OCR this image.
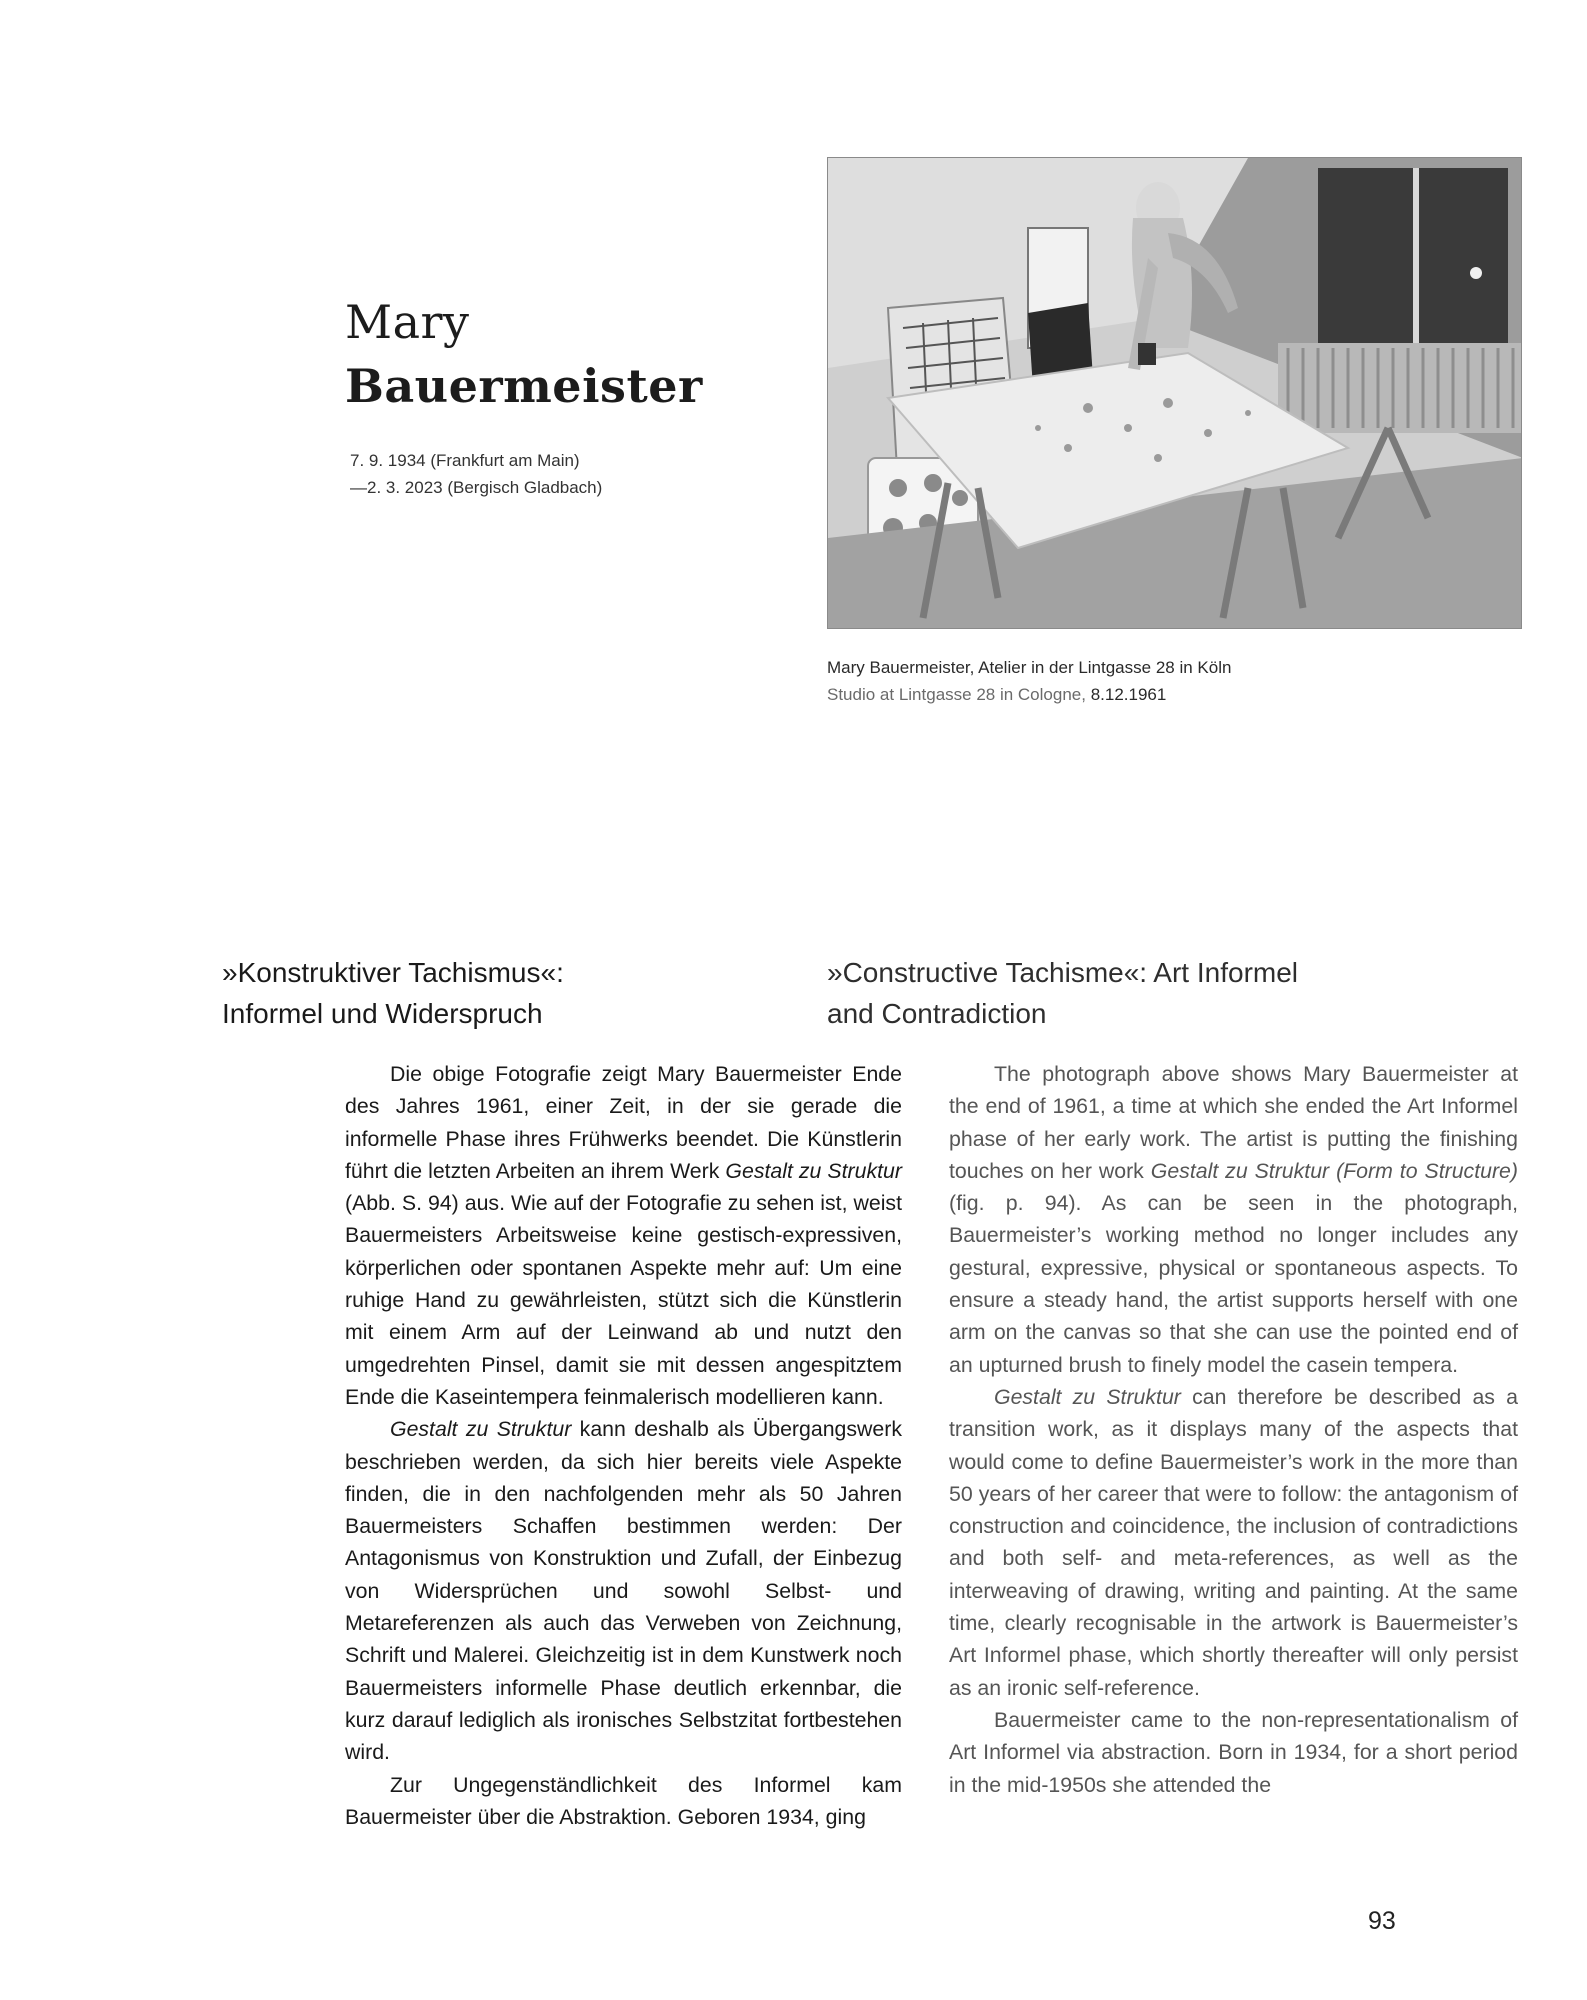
Mary
Bauermeister
7. 9. 1934 (Frankfurt am Main)
—2. 3. 2023 (Bergisch Gladbach)
Mary Bauermeister, Atelier in der Lintgasse 28 in Köln
Studio at Lintgasse 28 in Cologne, 8.12.1961
»Konstruktiver Tachismus«:
Informel und Widerspruch
»Constructive Tachisme«: Art Informel
and Contradiction

Die obige Fotografie zeigt Mary Bauermeister Ende des Jahres 1961, einer Zeit, in der sie gerade die informelle Phase ihres Frühwerks beendet. Die Künstlerin führt die letzten Arbeiten an ihrem Werk Gestalt zu Struktur (Abb. S. 94) aus. Wie auf der Fotografie zu sehen ist, weist Bauermeisters Arbeitsweise keine gestisch-expressiven, körperlichen oder spontanen Aspekte mehr auf: Um eine ruhige Hand zu gewährleisten, stützt sich die Künstlerin mit einem Arm auf der Leinwand ab und nutzt den umgedrehten Pinsel, damit sie mit dessen angespitztem Ende die Kaseintempera feinmalerisch modellieren kann.

Gestalt zu Struktur kann deshalb als Übergangswerk beschrieben werden, da sich hier bereits viele Aspekte finden, die in den nachfolgenden mehr als 50 Jahren Bauermeisters Schaffen bestimmen werden: Der Antagonismus von Konstruktion und Zufall, der Einbezug von Widersprüchen und sowohl Selbst- und Metareferenzen als auch das Verweben von Zeichnung, Schrift und Malerei. Gleichzeitig ist in dem Kunstwerk noch Bauermeisters informelle Phase deutlich erkennbar, die kurz darauf lediglich als ironisches Selbstzitat fortbestehen wird.

Zur Ungegenständlichkeit des Informel kam Bauermeister über die Abstraktion. Geboren 1934, ging

The photograph above shows Mary Bauermeister at the end of 1961, a time at which she ended the Art Informel phase of her early work. The artist is putting the finishing touches on her work Gestalt zu Struktur (Form to Structure) (fig. p. 94). As can be seen in the photograph, Bauermeister’s working method no longer includes any gestural, expressive, physical or spontaneous aspects. To ensure a steady hand, the artist supports herself with one arm on the canvas so that she can use the pointed end of an upturned brush to finely model the casein tempera.

Gestalt zu Struktur can therefore be described as a transition work, as it displays many of the aspects that would come to define Bauermeister’s work in the more than 50 years of her career that were to follow: the antagonism of construction and coincidence, the inclusion of contradictions and both self- and meta-references, as well as the interweaving of drawing, writing and painting. At the same time, clearly recognisable in the artwork is Bauermeister’s Art Informel phase, which shortly thereafter will only persist as an ironic self-reference.

Bauermeister came to the non-representationalism of Art Informel via abstraction. Born in 1934, for a short period in the mid-1950s she attended the

93
